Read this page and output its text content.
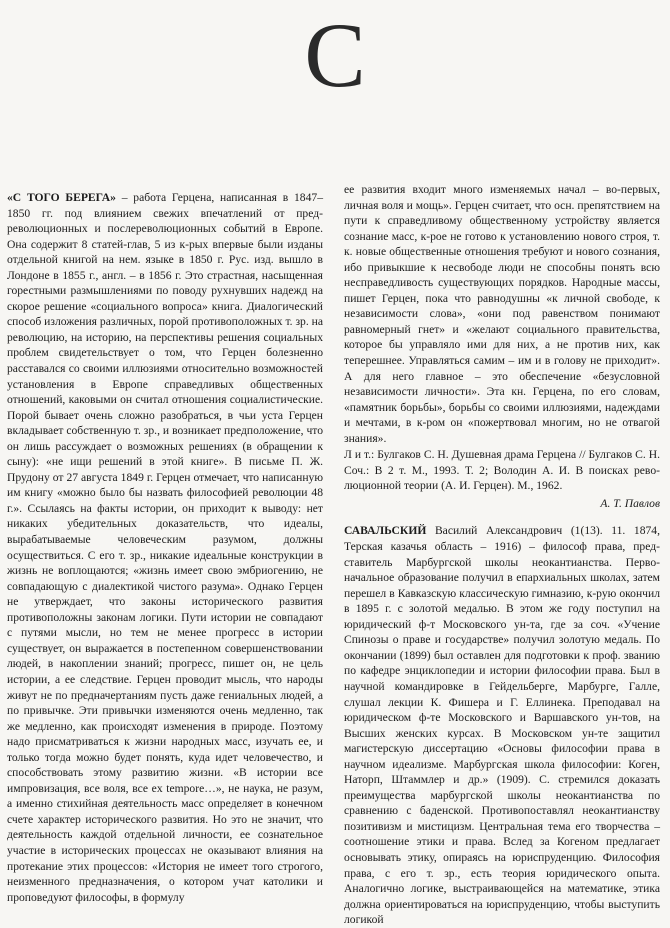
С

«С ТОГО БЕРЕГА» – работа Герцена, написанная в 1847–1850 гг. под влиянием свежих впечатлений от предреволюционных и послереволюционных событий в Европе. Она содержит 8 статей-глав, 5 из к-рых впервые были изданы отдельной книгой на нем. языке в 1850 г. Рус. изд. вышло в Лондоне в 1855 г., англ. – в 1856 г. Это страстная, насыщенная горестными размышлениями по поводу рухнувших надежд на скорое решение «социального вопроса» книга. Диалогический способ изложения различных, порой противоположных т. зр. на революцию, на историю, на перспективы решения социальных проблем свидетельствует о том, что Герцен болезненно расставался со своими иллюзиями относительно возможностей установления в Европе справедливых общественных отношений, каковыми он считал отношения социалистические. Порой бывает очень сложно разобраться, в чьи уста Герцен вкладывает собственную т. зр., и возникает предположение, что он лишь рассуждает о возможных решениях (в обращении к сыну): «не ищи решений в этой книге». В письме П. Ж. Прудону от 27 августа 1849 г. Герцен отмечает, что написанную им книгу «можно было бы назвать философией революции 48 г.». Ссылаясь на факты истории, он приходит к выводу: нет никаких убедительных доказательств, что идеалы, вырабатываемые человеческим разумом, должны осуществиться. С его т. зр., никакие идеальные конструкции в жизнь не воплощаются; «жизнь имеет свою эмбриогению, не совпадающую с диалектикой чистого разума». Однако Герцен не утверждает, что законы исторического развития противоположны законам логики. Пути истории не совпадают с путями мысли, но тем не менее прогресс в истории существует, он выражается в постепенном совершенствовании людей, в накоплении знаний; прогресс, пишет он, не цель истории, а ее следствие. Герцен проводит мысль, что народы живут не по предначертаниям пусть даже гениальных людей, а по привычке. Эти привычки изменяются очень медленно, так же медленно, как происходят изменения в природе. Поэтому надо присматриваться к жизни народных масс, изучать ее, и только тогда можно будет понять, куда идет человечество, и способствовать этому развитию жизни. «В истории все импровизация, все воля, все ex tempore…», не наука, не разум, а именно стихийная деятельность масс определяет в конечном счете характер исторического развития. Но это не значит, что деятельность каждой отдельной личности, ее сознательное участие в исторических процессах не оказывают влияния на протекание этих процессов: «История не имеет того строгого, неизменного предназначения, о котором учат католики и проповедуют философы, в формулу

ее развития входит много изменяемых начал – во-первых, личная воля и мощь». Герцен считает, что осн. препятствием на пути к справедливому общественному устройству является сознание масс, к-рое не готово к установлению нового строя, т. к. новые общественные отношения требуют и нового сознания, ибо привыкшие к несвободе люди не способны понять всю несправедливость существующих порядков. Народные массы, пишет Герцен, пока что равнодушны «к личной свободе, к независимости слова», «они под равенством понимают равномерный гнет» и «желают социального правительства, которое бы управляло ими для них, а не против них, как теперешнее. Управляться самим – им и в голову не приходит». А для него главное – это обеспечение «безусловной независимости личности». Эта кн. Герцена, по его словам, «памятник борьбы», борьбы со своими иллюзиями, надеждами и мечтами, в к-ром он «пожертвовал многим, но не отвагой знания».

Л и т.: Булгаков С. Н. Душевная драма Герцена // Булгаков С. Н. Соч.: В 2 т. М., 1993. Т. 2; Володин А. И. В поисках революционной теории (А. И. Герцен). М., 1962.

А. Т. Павлов

САВАЛЬСКИЙ Василий Александрович (1(13). 11. 1874, Терская казачья область – 1916) – философ права, представитель Марбургской школы неокантианства. Первоначальное образование получил в епархиальных школах, затем перешел в Кавказскую классическую гимназию, к-рую окончил в 1895 г. с золотой медалью. В этом же году поступил на юридический ф-т Московского ун-та, где за соч. «Учение Спинозы о праве и государстве» получил золотую медаль. По окончании (1899) был оставлен для подготовки к проф. званию по кафедре энциклопедии и истории философии права. Был в научной командировке в Гейдельберге, Марбурге, Галле, слушал лекции К. Фишера и Г. Еллинека. Преподавал на юридическом ф-те Московского и Варшавского ун-тов, на Высших женских курсах. В Московском ун-те защитил магистерскую диссертацию «Основы философии права в научном идеализме. Марбургская школа философии: Коген, Наторп, Штаммлер и др.» (1909). С. стремился доказать преимущества марбургской школы неокантианства по сравнению с баденской. Противопоставлял неокантианству позитивизм и мистицизм. Центральная тема его творчества – соотношение этики и права. Вслед за Когеном предлагает основывать этику, опираясь на юриспруденцию. Философия права, с его т. зр., есть теория юридического опыта. Аналогично логике, выстраивающейся на математике, этика должна ориентироваться на юриспруденцию, чтобы выступить логикой
